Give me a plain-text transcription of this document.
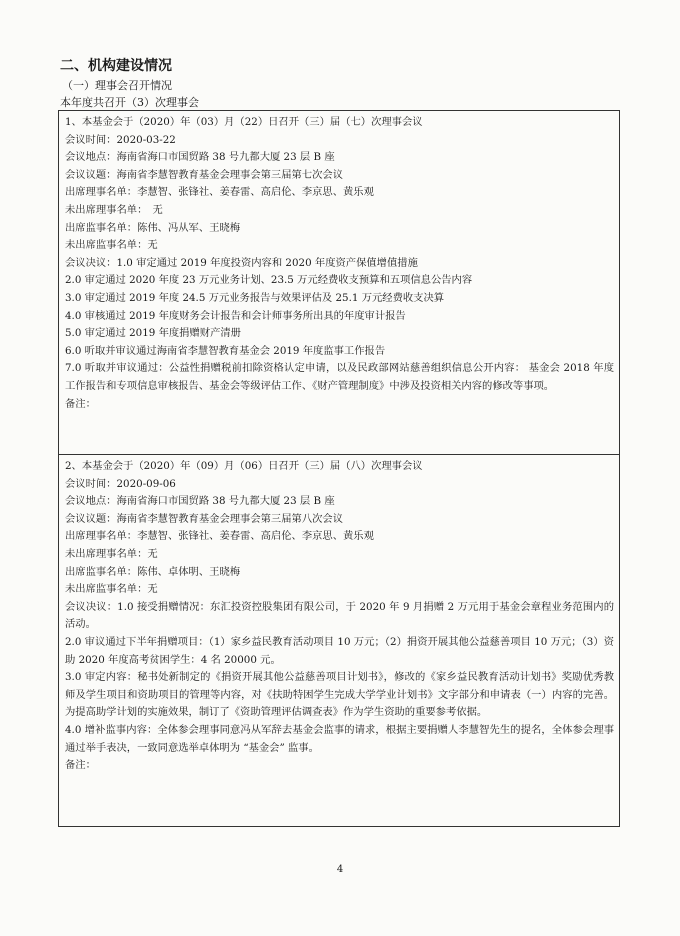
二、机构建设情况
（一）理事会召开情况
本年度共召开（3）次理事会
1、本基金会于（2020）年（03）月（22）日召开（三）届（七）次理事会议
会议时间：2020-03-22
会议地点：海南省海口市国贸路 38 号九都大厦 23 层 B 座
会议议题：海南省李慧智教育基金会理事会第三届第七次会议
出席理事名单：李慧智、张锋社、姜春雷、高启伦、李京思、黄乐观
未出席理事名单：　无
出席监事名单：陈伟、冯从军、王晓梅
未出席监事名单：无
会议决议：1.0 审定通过 2019 年度投资内容和 2020 年度资产保值增值措施
2.0 审定通过 2020 年度 23 万元业务计划、23.5 万元经费收支预算和五项信息公告内容
3.0 审定通过 2019 年度 24.5 万元业务报告与效果评估及 25.1 万元经费收支决算
4.0 审核通过 2019 年度财务会计报告和会计师事务所出具的年度审计报告
5.0 审定通过 2019 年度捐赠财产清册
6.0 听取并审议通过海南省李慧智教育基金会 2019 年度监事工作报告
7.0 听取并审议通过：公益性捐赠税前扣除资格认定申请，以及民政部网站慈善组织信息公开内容： 基金会 2018 年度工作报告和专项信息审核报告、基金会等级评估工作、《财产管理制度》中涉及投资相关内容的修改等事项。
备注：
2、本基金会于（2020）年（09）月（06）日召开（三）届（八）次理事会议
会议时间：2020-09-06
会议地点：海南省海口市国贸路 38 号九都大厦 23 层 B 座
会议议题：海南省李慧智教育基金会理事会第三届第八次会议
出席理事名单：李慧智、张锋社、姜春雷、高启伦、李京思、黄乐观
未出席理事名单：无
出席监事名单：陈伟、卓体明、王晓梅
未出席监事名单：无
会议决议：1.0 接受捐赠情况：东汇投资控股集团有限公司，于 2020 年 9 月捐赠 2 万元用于基金会章程业务范围内的活动。
2.0 审议通过下半年捐赠项目：（1）家乡益民教育活动项目 10 万元；（2）捐资开展其他公益慈善项目 10 万元；（3）资助 2020 年度高考贫困学生：4 名 20000 元。
3.0 审定内容：秘书处新制定的《捐资开展其他公益慈善项目计划书》，修改的《家乡益民教育活动计划书》奖励优秀教师及学生项目和资助项目的管理等内容，对《扶助特困学生完成大学学业计划书》文字部分和申请表（一）内容的完善。为提高助学计划的实施效果，制订了《资助管理评估调查表》作为学生资助的重要参考依据。
4.0 增补监事内容：全体参会理事同意冯从军辞去基金会监事的请求，根据主要捐赠人李慧智先生的提名，全体参会理事通过举手表决，一致同意选举卓体明为 “基金会” 监事。
备注：
4
